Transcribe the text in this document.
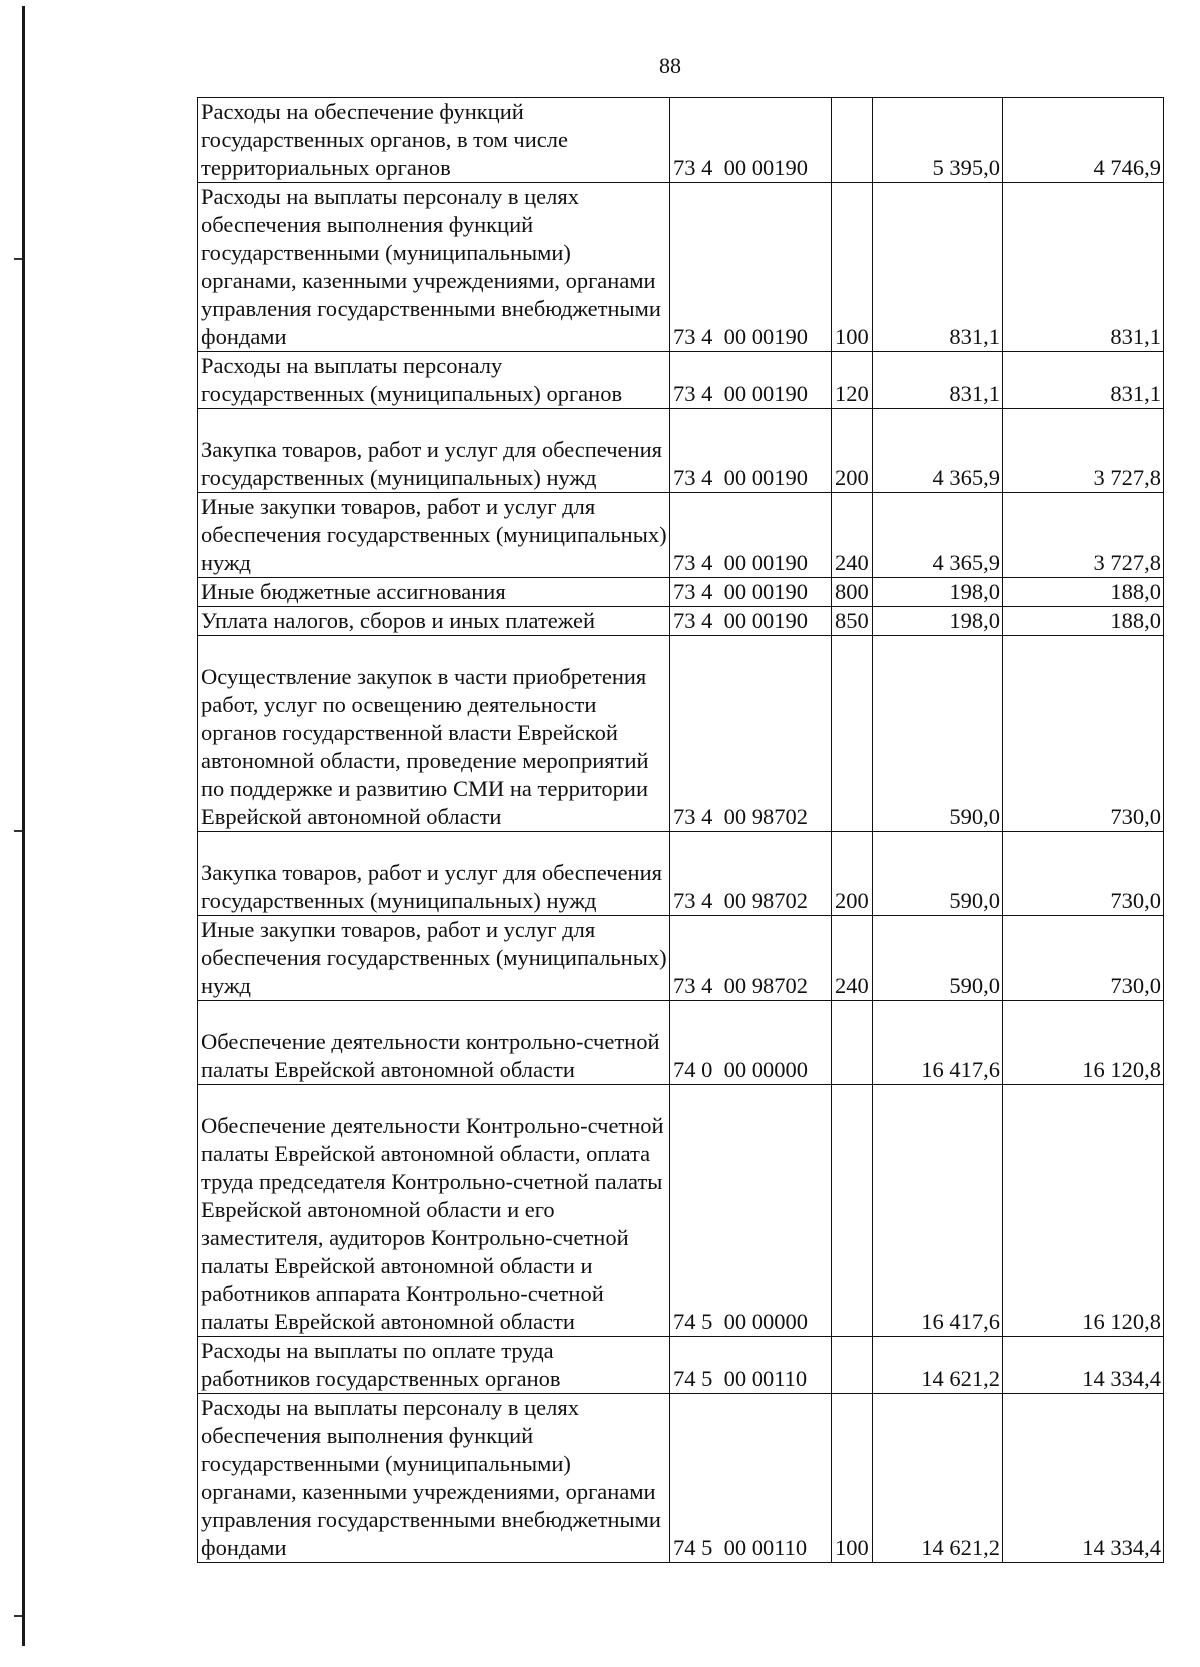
88
Расходы на обеспечение функций государственных органов, в том числе территориальных органов	73 4  00 00190		5 395,0	4 746,9
Расходы на выплаты персоналу в целях обеспечения выполнения функций государственными (муниципальными) органами, казенными учреждениями, органами управления государственными внебюджетными фондами	73 4  00 00190	100	831,1	831,1
Расходы на выплаты персоналу государственных (муниципальных) органов	73 4  00 00190	120	831,1	831,1
Закупка товаров, работ и услуг для обеспечения государственных (муниципальных) нужд	73 4  00 00190	200	4 365,9	3 727,8
Иные закупки товаров, работ и услуг для обеспечения государственных (муниципальных) нужд	73 4  00 00190	240	4 365,9	3 727,8
Иные бюджетные ассигнования	73 4  00 00190	800	198,0	188,0
Уплата налогов, сборов и иных платежей	73 4  00 00190	850	198,0	188,0
Осуществление закупок в части приобретения работ, услуг по освещению деятельности органов государственной власти Еврейской автономной области, проведение мероприятий по поддержке и развитию СМИ на территории Еврейской автономной области	73 4  00 98702		590,0	730,0
Закупка товаров, работ и услуг для обеспечения государственных (муниципальных) нужд	73 4  00 98702	200	590,0	730,0
Иные закупки товаров, работ и услуг для обеспечения государственных (муниципальных) нужд	73 4  00 98702	240	590,0	730,0
Обеспечение деятельности контрольно-счетной палаты Еврейской автономной области	74 0  00 00000		16 417,6	16 120,8
Обеспечение деятельности Контрольно-счетной палаты Еврейской автономной области, оплата труда председателя Контрольно-счетной палаты Еврейской автономной области и его заместителя, аудиторов Контрольно-счетной палаты Еврейской автономной области и работников аппарата Контрольно-счетной палаты Еврейской автономной области	74 5  00 00000		16 417,6	16 120,8
Расходы на выплаты по оплате труда работников государственных органов	74 5  00 00110		14 621,2	14 334,4
Расходы на выплаты персоналу в целях обеспечения выполнения функций государственными (муниципальными) органами, казенными учреждениями, органами управления государственными внебюджетными фондами	74 5  00 00110	100	14 621,2	14 334,4
